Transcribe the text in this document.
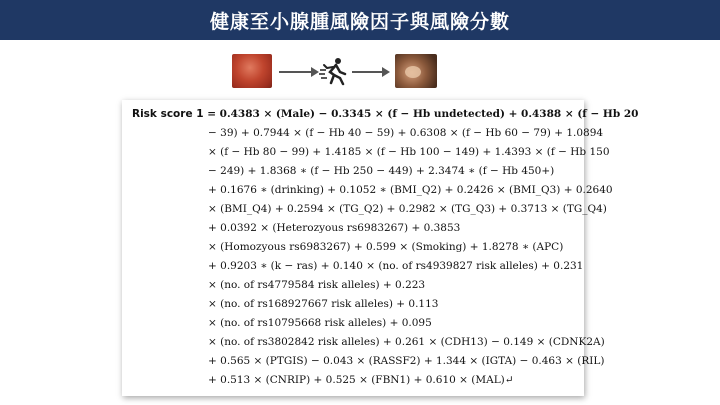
健康至小腺腫風險因子與風險分數
Risk score 1 = 0.4383 × (Male) − 0.3345 × (f − Hb undetected) + 0.4388 × (f − Hb 20
− 39) + 0.7944 × (f − Hb 40 − 59) + 0.6308 × (f − Hb 60 − 79) + 1.0894
× (f − Hb 80 − 99) + 1.4185 × (f − Hb 100 − 149) + 1.4393 × (f − Hb 150
− 249) + 1.8368 ∗ (f − Hb 250 − 449) + 2.3474 ∗ (f − Hb 450+)
+ 0.1676 ∗ (drinking) + 0.1052 ∗ (BMI_Q2) + 0.2426 × (BMI_Q3) + 0.2640
× (BMI_Q4) + 0.2594 × (TG_Q2) + 0.2982 × (TG_Q3) + 0.3713 × (TG_Q4)
+ 0.0392 × (Heterozyous rs6983267) + 0.3853
× (Homozyous rs6983267) + 0.599 × (Smoking) + 1.8278 ∗ (APC)
+ 0.9203 ∗ (k − ras) + 0.140 × (no. of rs4939827 risk alleles) + 0.231
× (no. of rs4779584 risk alleles) + 0.223
× (no. of rs168927667 risk alleles) + 0.113
× (no. of rs10795668 risk alleles) + 0.095
× (no. of rs3802842 risk alleles) + 0.261 × (CDH13) − 0.149 × (CDNK2A)
+ 0.565 × (PTGIS) − 0.043 × (RASSF2) + 1.344 × (IGTA) − 0.463 × (RIL)
+ 0.513 × (CNRIP) + 0.525 × (FBN1) + 0.610 × (MAL)↵
